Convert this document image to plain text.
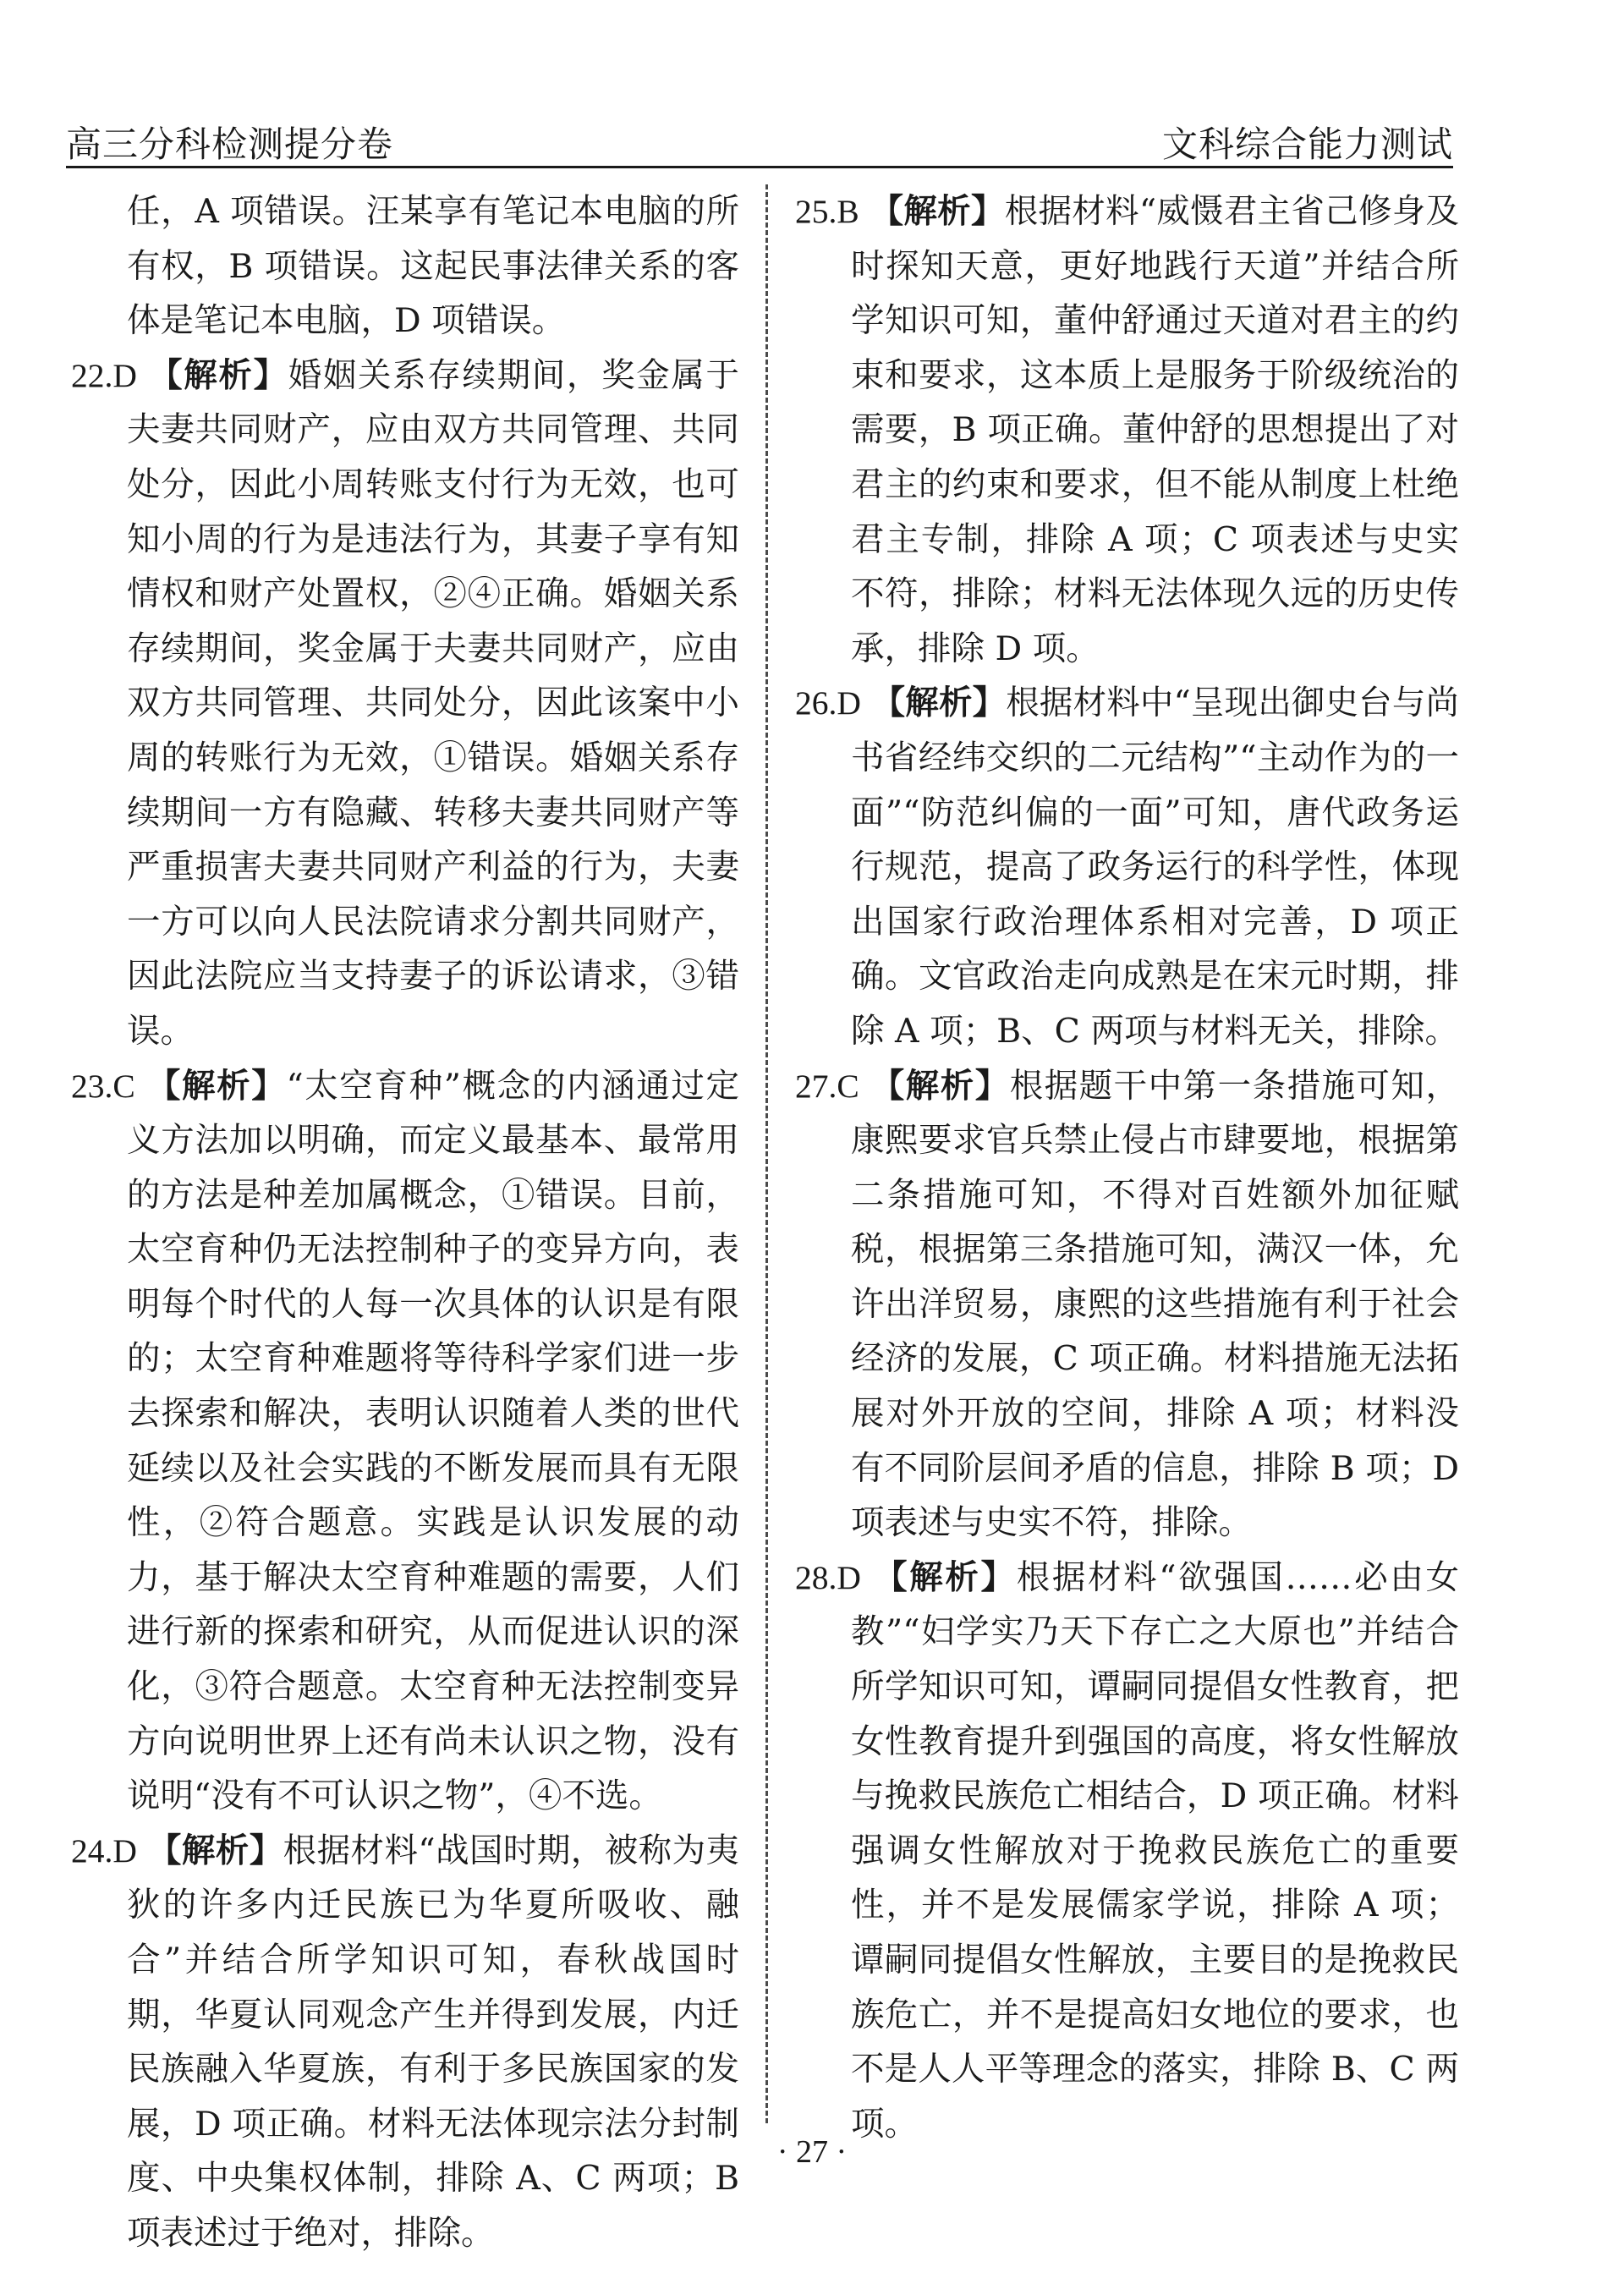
高三分科检测提分卷	文科综合能力测试

任，A 项错误。汪某享有笔记本电脑的所有权，B 项错误。这起民事法律关系的客体是笔记本电脑，D 项错误。

22.D 【解析】婚姻关系存续期间，奖金属于夫妻共同财产，应由双方共同管理、共同处分，因此小周转账支付行为无效，也可知小周的行为是违法行为，其妻子享有知情权和财产处置权，②④正确。婚姻关系存续期间，奖金属于夫妻共同财产，应由双方共同管理、共同处分，因此该案中小周的转账行为无效，①错误。婚姻关系存续期间一方有隐藏、转移夫妻共同财产等严重损害夫妻共同财产利益的行为，夫妻一方可以向人民法院请求分割共同财产，因此法院应当支持妻子的诉讼请求，③错误。

23.C 【解析】“太空育种”概念的内涵通过定义方法加以明确，而定义最基本、最常用的方法是种差加属概念，①错误。目前，太空育种仍无法控制种子的变异方向，表明每个时代的人每一次具体的认识是有限的；太空育种难题将等待科学家们进一步去探索和解决，表明认识随着人类的世代延续以及社会实践的不断发展而具有无限性，②符合题意。实践是认识发展的动力，基于解决太空育种难题的需要，人们进行新的探索和研究，从而促进认识的深化，③符合题意。太空育种无法控制变异方向说明世界上还有尚未认识之物，没有说明“没有不可认识之物”，④不选。

24.D 【解析】根据材料“战国时期，被称为夷狄的许多内迁民族已为华夏所吸收、融合”并结合所学知识可知，春秋战国时期，华夏认同观念产生并得到发展，内迁民族融入华夏族，有利于多民族国家的发展，D 项正确。材料无法体现宗法分封制度、中央集权体制，排除 A、C 两项；B 项表述过于绝对，排除。

25.B 【解析】根据材料“威慑君主省己修身及时探知天意，更好地践行天道”并结合所学知识可知，董仲舒通过天道对君主的约束和要求，这本质上是服务于阶级统治的需要，B 项正确。董仲舒的思想提出了对君主的约束和要求，但不能从制度上杜绝君主专制，排除 A 项；C 项表述与史实不符，排除；材料无法体现久远的历史传承，排除 D 项。

26.D 【解析】根据材料中“呈现出御史台与尚书省经纬交织的二元结构”“主动作为的一面”“防范纠偏的一面”可知，唐代政务运行规范，提高了政务运行的科学性，体现出国家行政治理体系相对完善，D 项正确。文官政治走向成熟是在宋元时期，排除 A 项；B、C 两项与材料无关，排除。

27.C 【解析】根据题干中第一条措施可知，康熙要求官兵禁止侵占市肆要地，根据第二条措施可知，不得对百姓额外加征赋税，根据第三条措施可知，满汉一体，允许出洋贸易，康熙的这些措施有利于社会经济的发展，C 项正确。材料措施无法拓展对外开放的空间，排除 A 项；材料没有不同阶层间矛盾的信息，排除 B 项；D 项表述与史实不符，排除。

28.D 【解析】根据材料“欲强国……必由女教”“妇学实乃天下存亡之大原也”并结合所学知识可知，谭嗣同提倡女性教育，把女性教育提升到强国的高度，将女性解放与挽救民族危亡相结合，D 项正确。材料强调女性解放对于挽救民族危亡的重要性，并不是发展儒家学说，排除 A 项；谭嗣同提倡女性解放，主要目的是挽救民族危亡，并不是提高妇女地位的要求，也不是人人平等理念的落实，排除 B、C 两项。

· 27 ·
